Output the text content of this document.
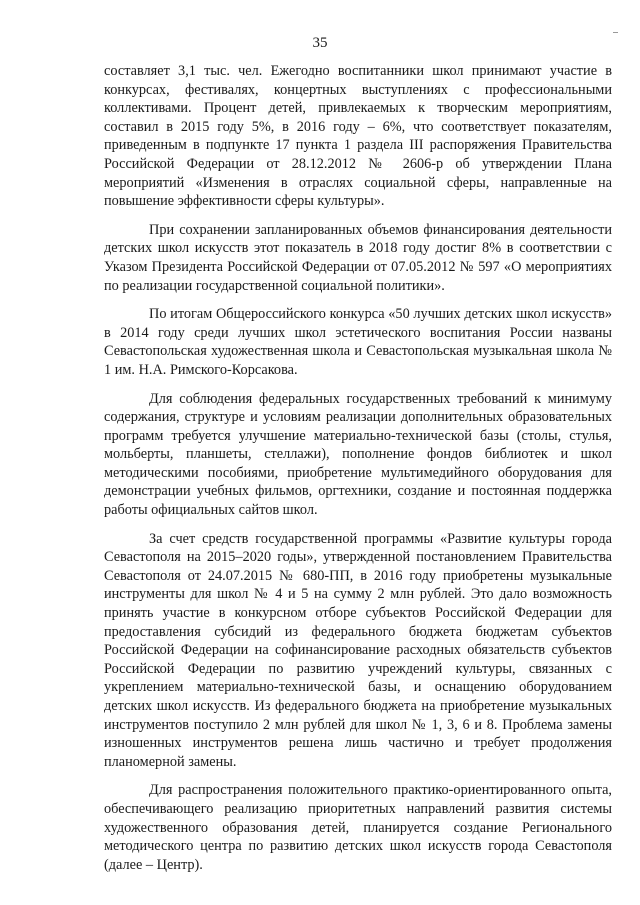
35

составляет 3,1 тыс. чел. Ежегодно воспитанники школ принимают участие в конкурсах, фестивалях, концертных выступлениях с профессиональными коллективами. Процент детей, привлекаемых к творческим мероприятиям, составил в 2015 году 5%, в 2016 году – 6%, что соответствует показателям, приведенным в подпункте 17 пункта 1 раздела III распоряжения Правительства Российской Федерации от 28.12.2012 № 2606-р об утверждении Плана мероприятий «Изменения в отраслях социальной сферы, направленные на повышение эффективности сферы культуры».

При сохранении запланированных объемов финансирования деятельности детских школ искусств этот показатель в 2018 году достиг 8% в соответствии с Указом Президента Российской Федерации от 07.05.2012 № 597 «О мероприятиях по реализации государственной социальной политики».

По итогам Общероссийского конкурса «50 лучших детских школ искусств» в 2014 году среди лучших школ эстетического воспитания России названы Севастопольская художественная школа и Севастопольская музыкальная школа № 1 им. Н.А. Римского-Корсакова.

Для соблюдения федеральных государственных требований к минимуму содержания, структуре и условиям реализации дополнительных образовательных программ требуется улучшение материально-технической базы (столы, стулья, мольберты, планшеты, стеллажи), пополнение фондов библиотек и школ методическими пособиями, приобретение мультимедийного оборудования для демонстрации учебных фильмов, оргтехники, создание и постоянная поддержка работы официальных сайтов школ.

За счет средств государственной программы «Развитие культуры города Севастополя на 2015–2020 годы», утвержденной постановлением Правительства Севастополя от 24.07.2015 № 680-ПП, в 2016 году приобретены музыкальные инструменты для школ № 4 и 5 на сумму 2 млн рублей. Это дало возможность принять участие в конкурсном отборе субъектов Российской Федерации для предоставления субсидий из федерального бюджета бюджетам субъектов Российской Федерации на софинансирование расходных обязательств субъектов Российской Федерации по развитию учреждений культуры, связанных с укреплением материально-технической базы, и оснащению оборудованием детских школ искусств. Из федерального бюджета на приобретение музыкальных инструментов поступило 2 млн рублей для школ № 1, 3, 6 и 8. Проблема замены изношенных инструментов решена лишь частично и требует продолжения планомерной замены.

Для распространения положительного практико-ориентированного опыта, обеспечивающего реализацию приоритетных направлений развития системы художественного образования детей, планируется создание Регионального методического центра по развитию детских школ искусств города Севастополя (далее – Центр).
